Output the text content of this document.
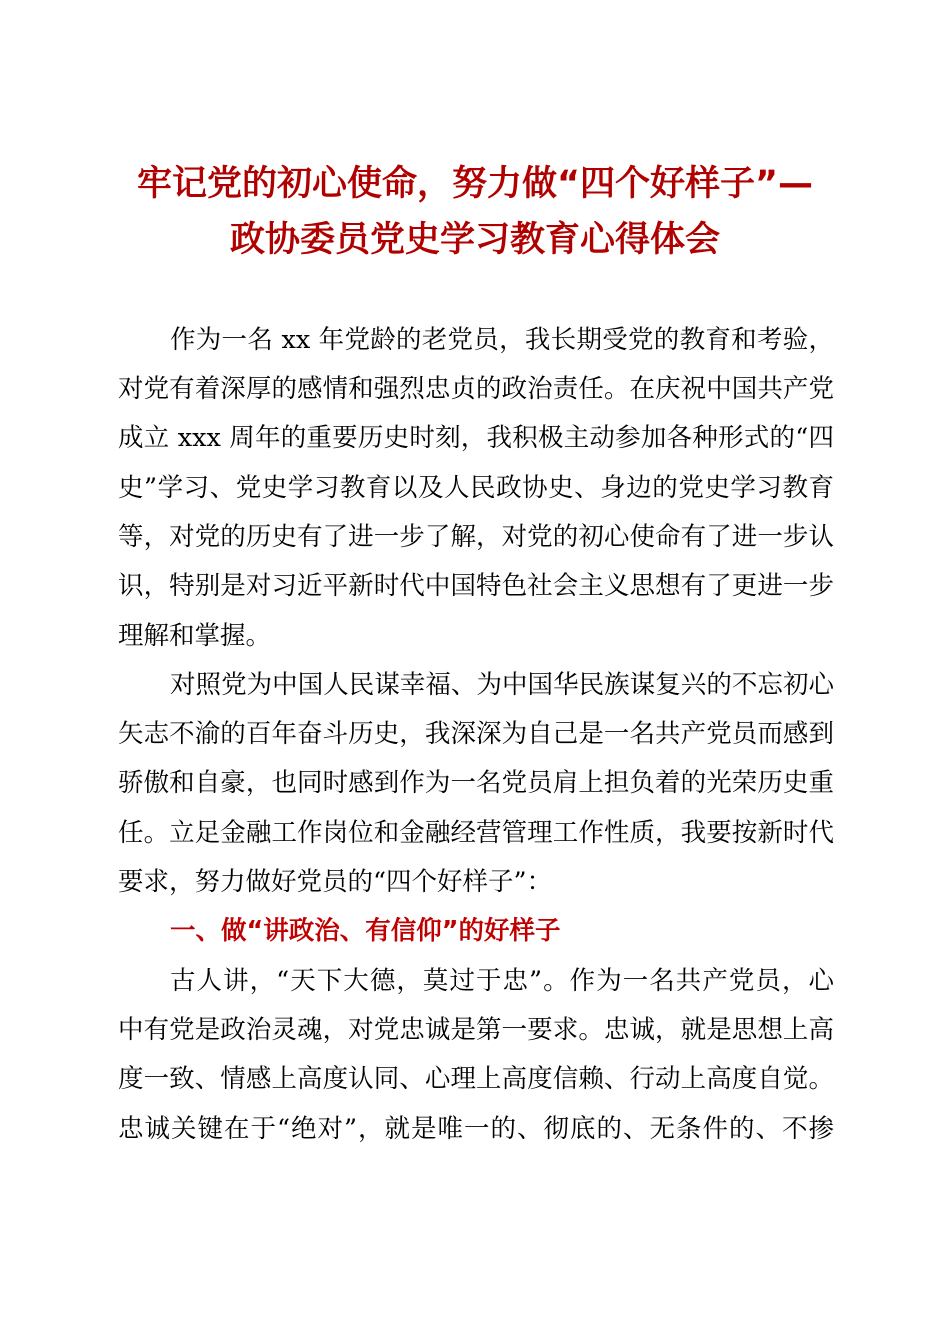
牢记党的初心使命，努力做“四个好样子”—
政协委员党史学习教育心得体会

作为一名 xx 年党龄的老党员，我长期受党的教育和考验，

对党有着深厚的感情和强烈忠贞的政治责任。在庆祝中国共产党

成立 xxx 周年的重要历史时刻，我积极主动参加各种形式的“四

史”学习、党史学习教育以及人民政协史、身边的党史学习教育

等，对党的历史有了进一步了解，对党的初心使命有了进一步认

识，特别是对习近平新时代中国特色社会主义思想有了更进一步

理解和掌握。

对照党为中国人民谋幸福、为中国华民族谋复兴的不忘初心

矢志不渝的百年奋斗历史，我深深为自己是一名共产党员而感到

骄傲和自豪，也同时感到作为一名党员肩上担负着的光荣历史重

任。立足金融工作岗位和金融经营管理工作性质，我要按新时代

要求，努力做好党员的“四个好样子”：

一、做“讲政治、有信仰”的好样子

古人讲，“天下大德，莫过于忠”。作为一名共产党员，心

中有党是政治灵魂，对党忠诚是第一要求。忠诚，就是思想上高

度一致、情感上高度认同、心理上高度信赖、行动上高度自觉。

忠诚关键在于“绝对”，就是唯一的、彻底的、无条件的、不掺
